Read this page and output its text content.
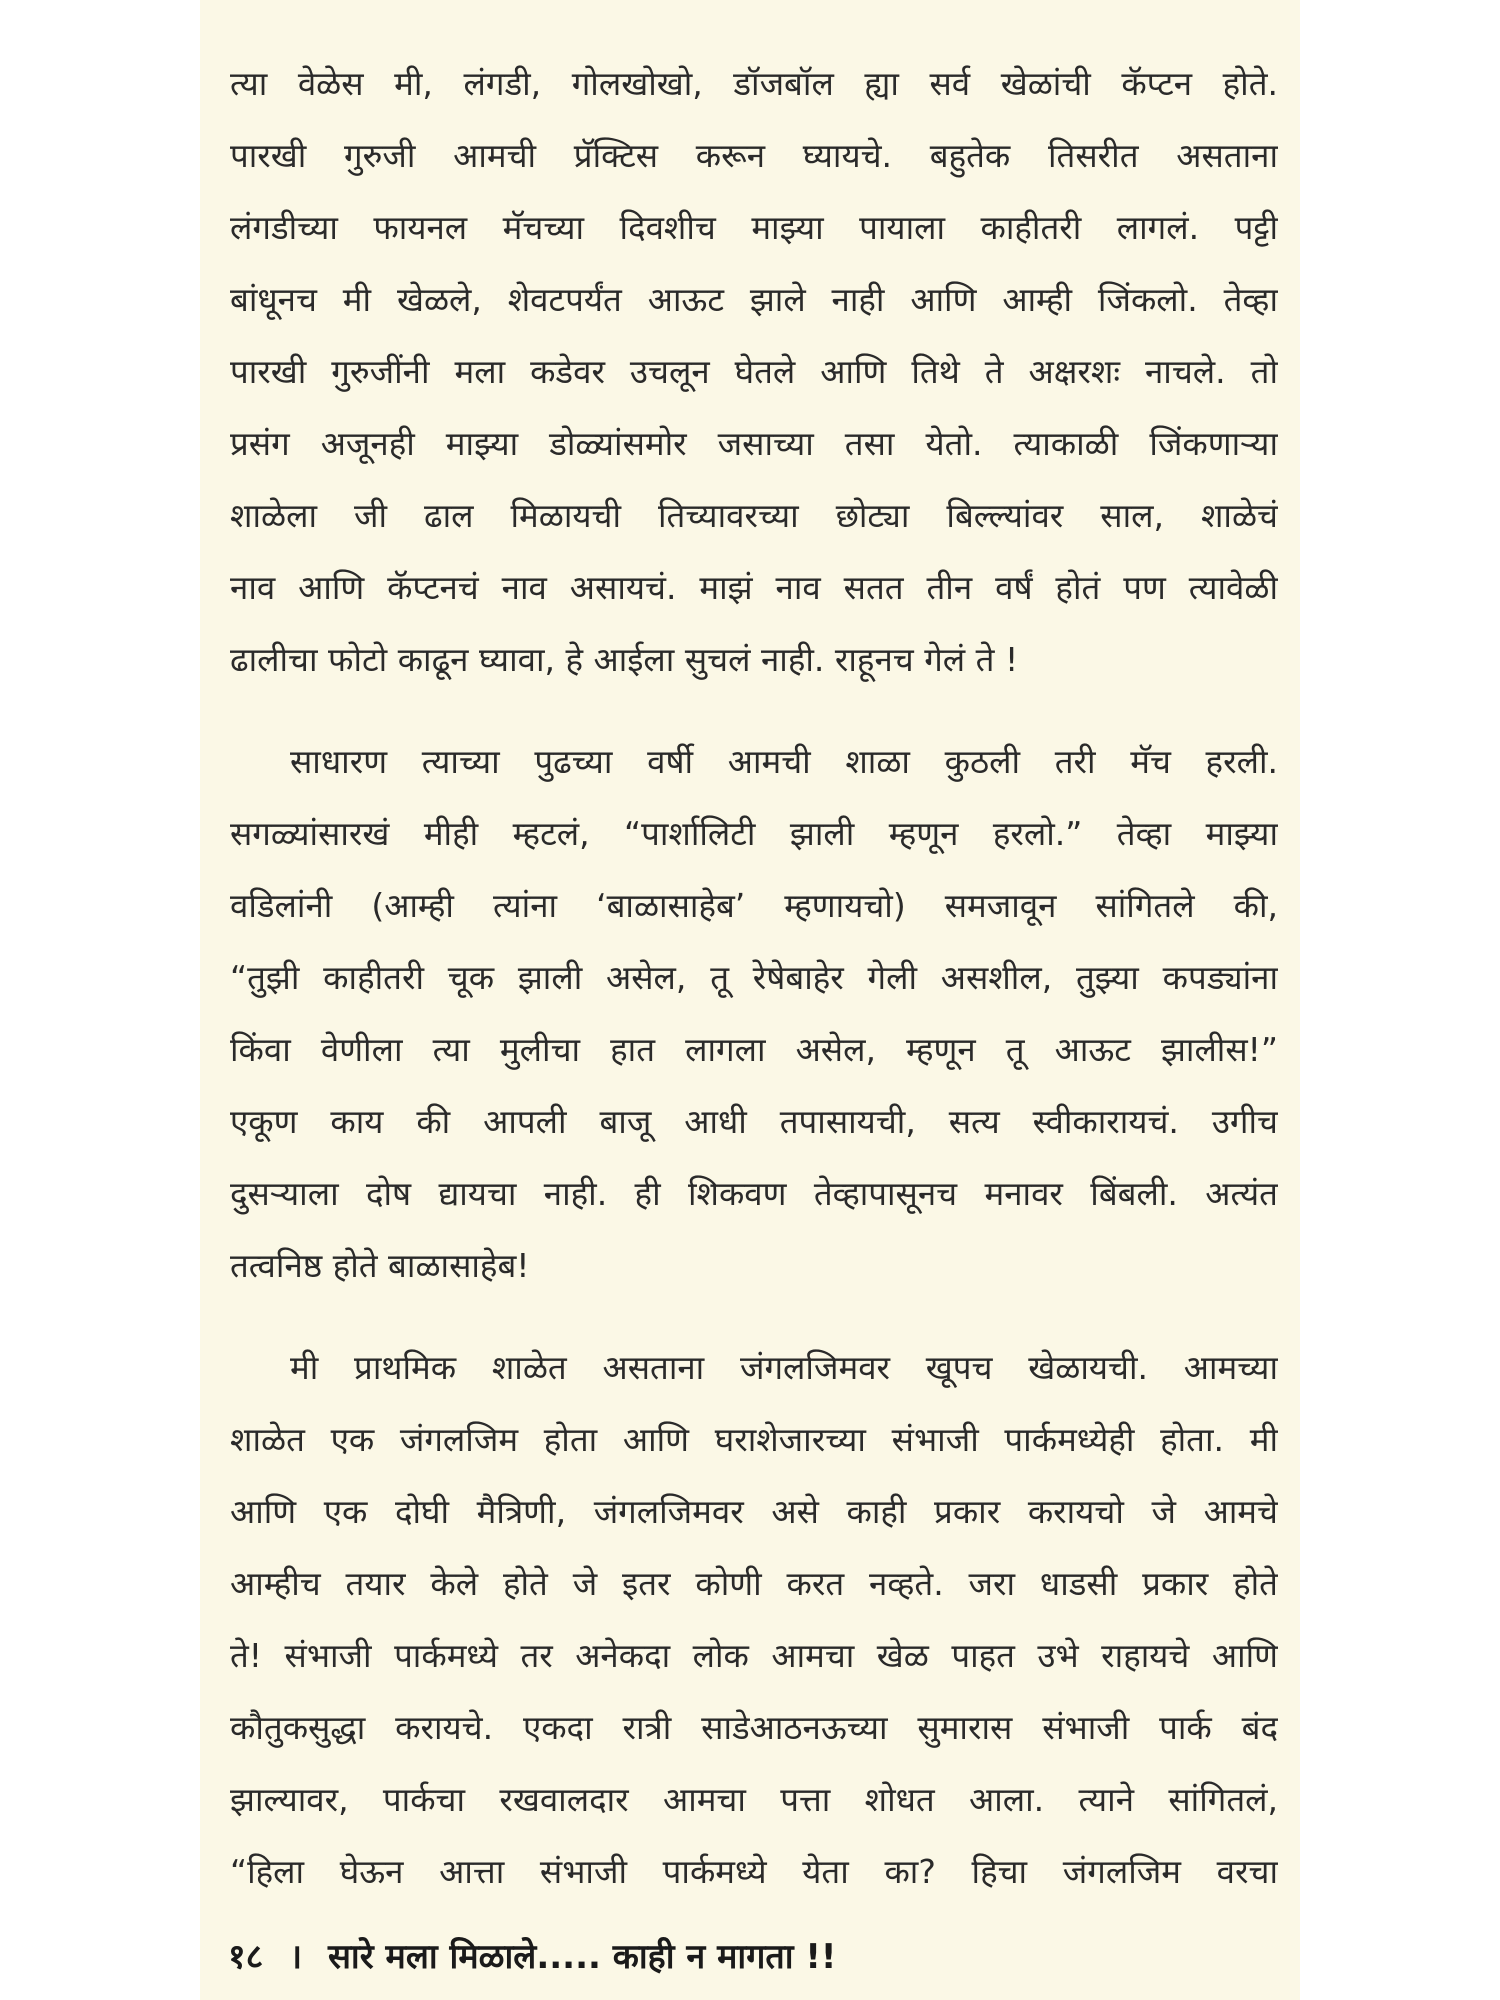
त्या वेळेस मी, लंगडी, गोलखोखो, डॉजबॉल ह्या सर्व खेळांची कॅप्टन होते.
पारखी गुरुजी आमची प्रॅक्टिस करून घ्यायचे. बहुतेक तिसरीत असताना
लंगडीच्या फायनल मॅचच्या दिवशीच माझ्या पायाला काहीतरी लागलं. पट्टी
बांधूनच मी खेळले, शेवटपर्यंत आऊट झाले नाही आणि आम्ही जिंकलो. तेव्हा
पारखी गुरुजींनी मला कडेवर उचलून घेतले आणि तिथे ते अक्षरशः नाचले. तो
प्रसंग अजूनही माझ्या डोळ्यांसमोर जसाच्या तसा येतो. त्याकाळी जिंकणाऱ्या
शाळेला जी ढाल मिळायची तिच्यावरच्या छोट्या बिल्ल्यांवर साल, शाळेचं
नाव आणि कॅप्टनचं नाव असायचं. माझं नाव सतत तीन वर्षं होतं पण त्यावेळी
ढालीचा फोटो काढून घ्यावा, हे आईला सुचलं नाही. राहूनच गेलं ते !

साधारण त्याच्या पुढच्या वर्षी आमची शाळा कुठली तरी मॅच हरली.
सगळ्यांसारखं मीही म्हटलं, “पार्शालिटी झाली म्हणून हरलो.” तेव्हा माझ्या
वडिलांनी (आम्ही त्यांना ‘बाळासाहेब’ म्हणायचो) समजावून सांगितले की,
“तुझी काहीतरी चूक झाली असेल, तू रेषेबाहेर गेली असशील, तुझ्या कपड्यांना
किंवा वेणीला त्या मुलीचा हात लागला असेल, म्हणून तू आऊट झालीस!”
एकूण काय की आपली बाजू आधी तपासायची, सत्य स्वीकारायचं. उगीच
दुसऱ्याला दोष द्यायचा नाही. ही शिकवण तेव्हापासूनच मनावर बिंबली. अत्यंत
तत्वनिष्ठ होते बाळासाहेब!

मी प्राथमिक शाळेत असताना जंगलजिमवर खूपच खेळायची. आमच्या
शाळेत एक जंगलजिम होता आणि घराशेजारच्या संभाजी पार्कमध्येही होता. मी
आणि एक दोघी मैत्रिणी, जंगलजिमवर असे काही प्रकार करायचो जे आमचे
आम्हीच तयार केले होते जे इतर कोणी करत नव्हते. जरा धाडसी प्रकार होते
ते! संभाजी पार्कमध्ये तर अनेकदा लोक आमचा खेळ पाहत उभे राहायचे आणि
कौतुकसुद्धा करायचे. एकदा रात्री साडेआठनऊच्या सुमारास संभाजी पार्क बंद
झाल्यावर, पार्कचा रखवालदार आमचा पत्ता शोधत आला. त्याने सांगितलं,
“हिला घेऊन आत्ता संभाजी पार्कमध्ये येता का? हिचा जंगलजिम वरचा

१८ । सारे मला मिळाले..... काही न मागता !!
